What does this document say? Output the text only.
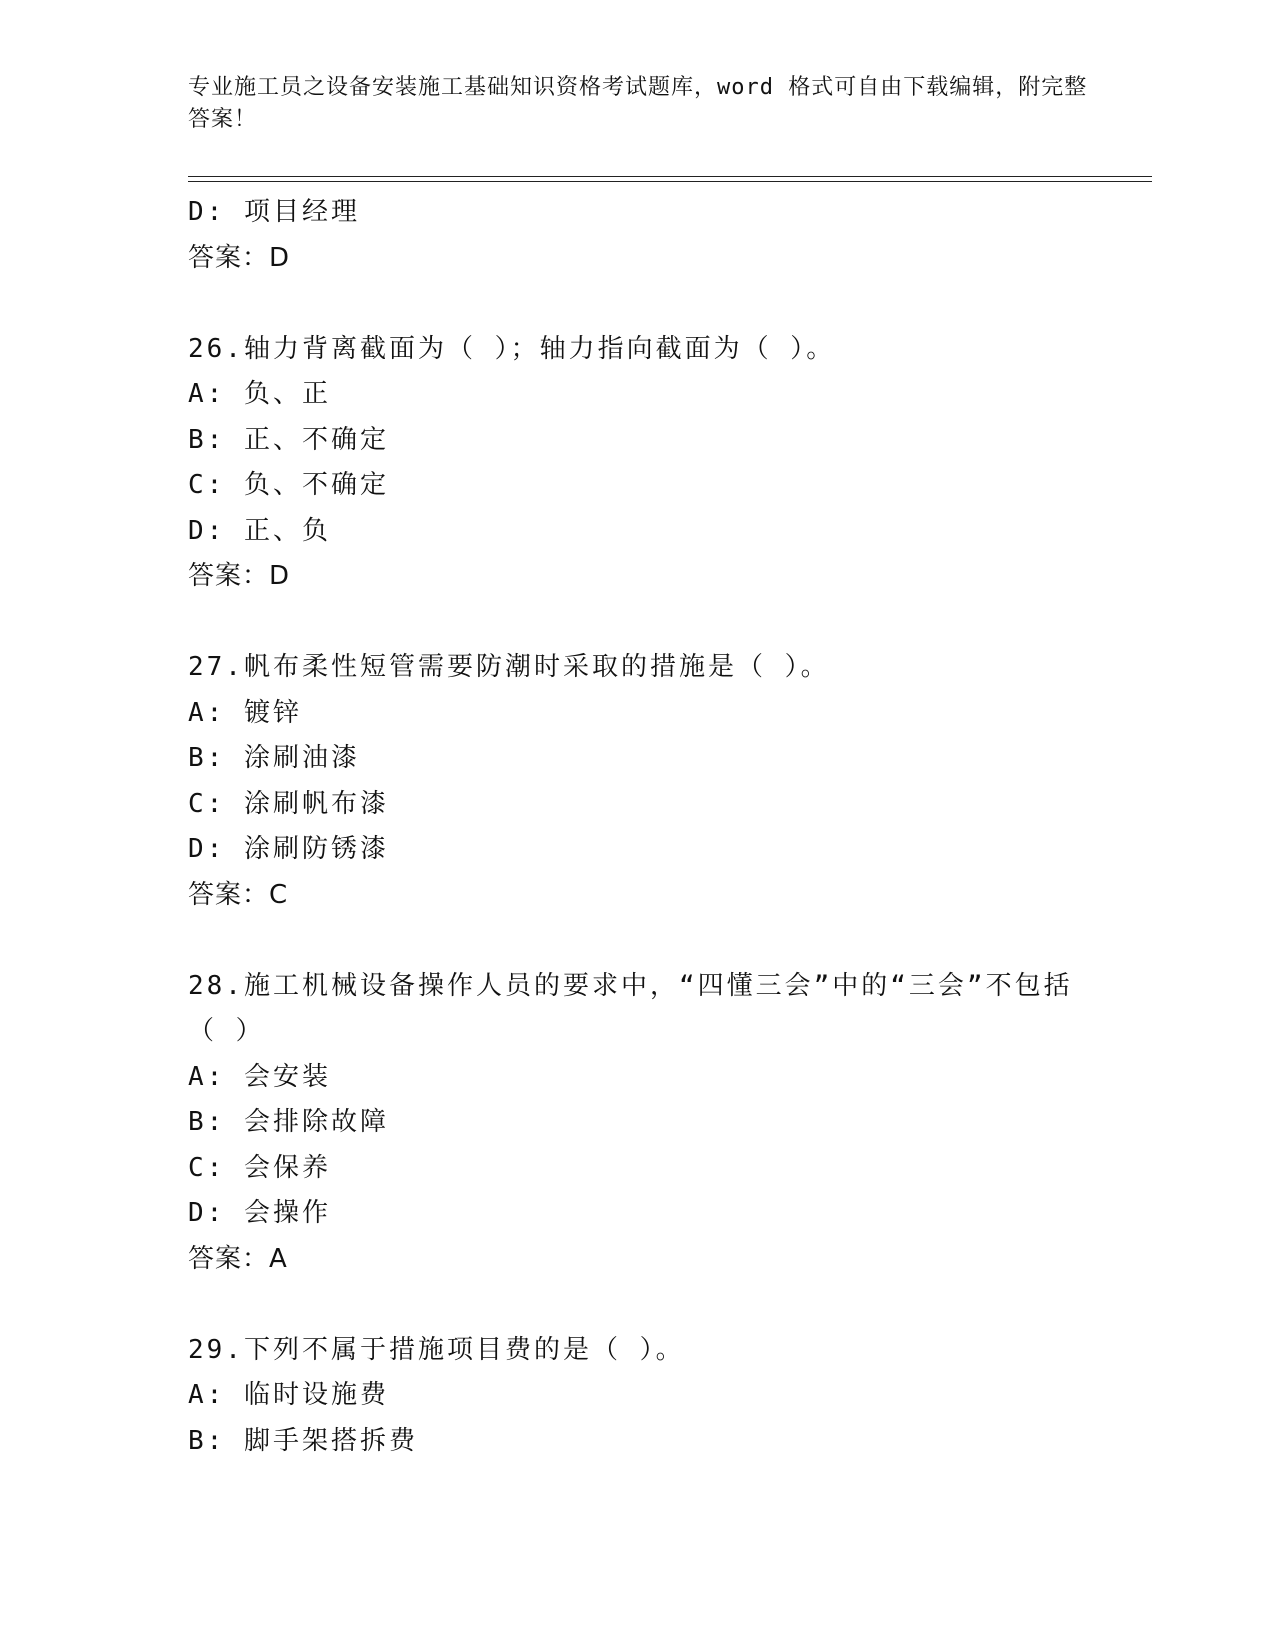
专业施工员之设备安装施工基础知识资格考试题库，word 格式可自由下载编辑，附完整答案！
D: 项目经理
答案：D
26.轴力背离截面为（ ）；轴力指向截面为（ ）。
A: 负、正
B: 正、不确定
C: 负、不确定
D: 正、负
答案：D
27.帆布柔性短管需要防潮时采取的措施是（ ）。
A: 镀锌
B: 涂刷油漆
C: 涂刷帆布漆
D: 涂刷防锈漆
答案：C
28.施工机械设备操作人员的要求中，“四懂三会”中的“三会”不包括（ ）
A: 会安装
B: 会排除故障
C: 会保养
D: 会操作
答案：A
29.下列不属于措施项目费的是（ ）。
A: 临时设施费
B: 脚手架搭拆费
